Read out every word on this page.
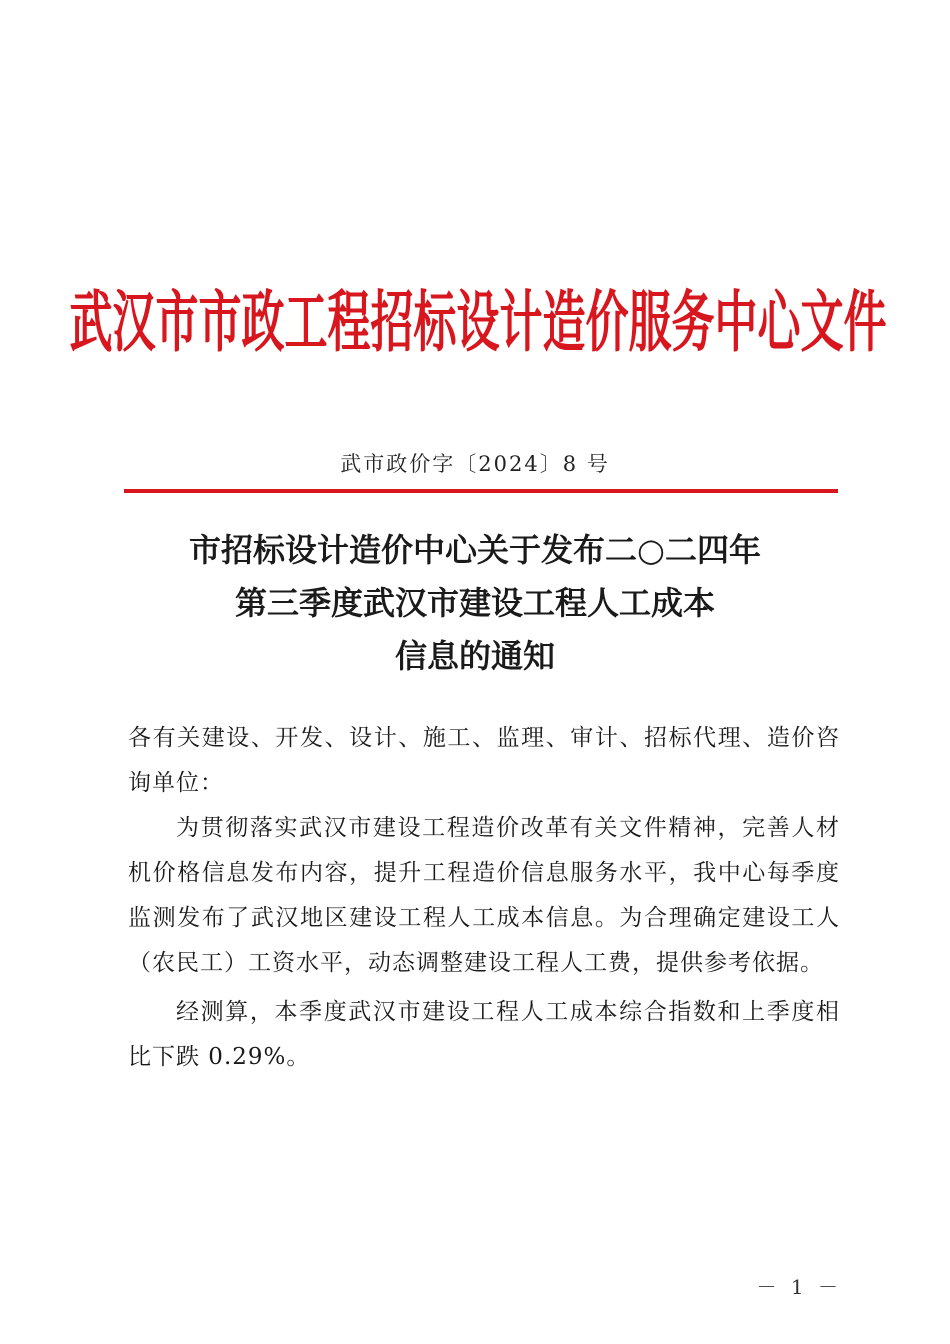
武汉市市政工程招标设计造价服务中心文件
武市政价字〔2024〕8 号
市招标设计造价中心关于发布二○二四年
第三季度武汉市建设工程人工成本
信息的通知

各有关建设、开发、设计、施工、监理、审计、招标代理、造价咨询单位：

为贯彻落实武汉市建设工程造价改革有关文件精神，完善人材机价格信息发布内容，提升工程造价信息服务水平，我中心每季度监测发布了武汉地区建设工程人工成本信息。为合理确定建设工人（农民工）工资水平，动态调整建设工程人工费，提供参考依据。

经测算，本季度武汉市建设工程人工成本综合指数和上季度相比下跌 0.29%。

－ 1 －
